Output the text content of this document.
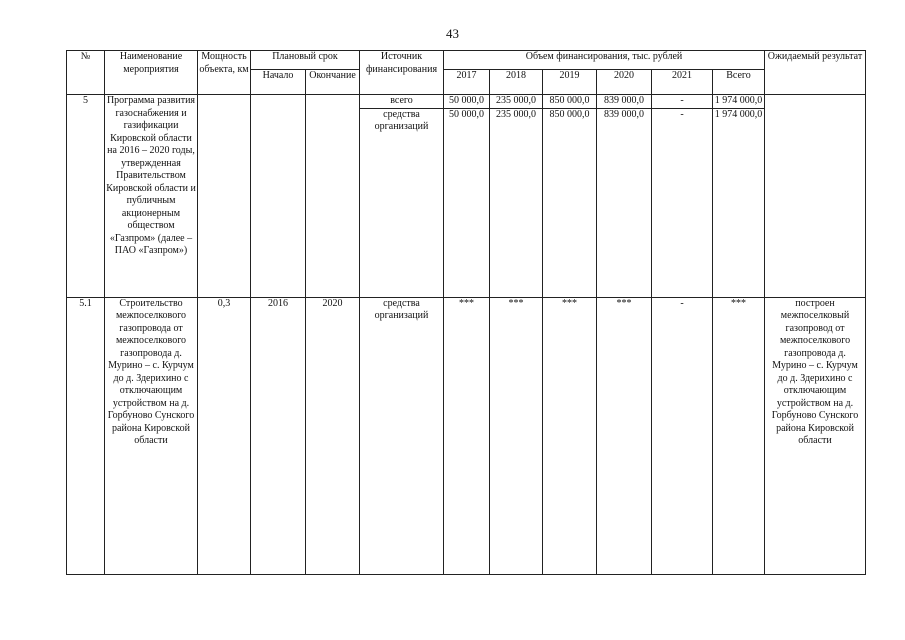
43
№	Наименование мероприятия	Мощность объекта, км	Плановый срок		Источник финансирования	Объем финансирования, тыс. рублей						Ожидаемый результат
			Начало	Окончание		2017	2018	2019	2020	2021	Всего	
5	Программа развития газоснабжения и газификации Кировской области на 2016 – 2020 годы, утвержденная Правительством Кировской области и публичным акционерным обществом «Газпром» (далее – ПАО «Газпром»)				всего	50 000,0	235 000,0	850 000,0	839 000,0	-	1 974 000,0	
					средства организаций	50 000,0	235 000,0	850 000,0	839 000,0	-	1 974 000,0	
5.1	Строительство межпоселкового газопровода от межпоселкового газопровода д. Мурино – с. Курчум до д. Здерихино с отключающим устройством на д. Горбуново Сунского района Кировской области	0,3	2016	2020	средства организаций	***	***	***	***	-	***	построен межпоселковый газопровод от межпоселкового газопровода д. Мурино – с. Курчум до д. Здерихино с отключающим устройством на д. Горбуново Сунского района Кировской области
